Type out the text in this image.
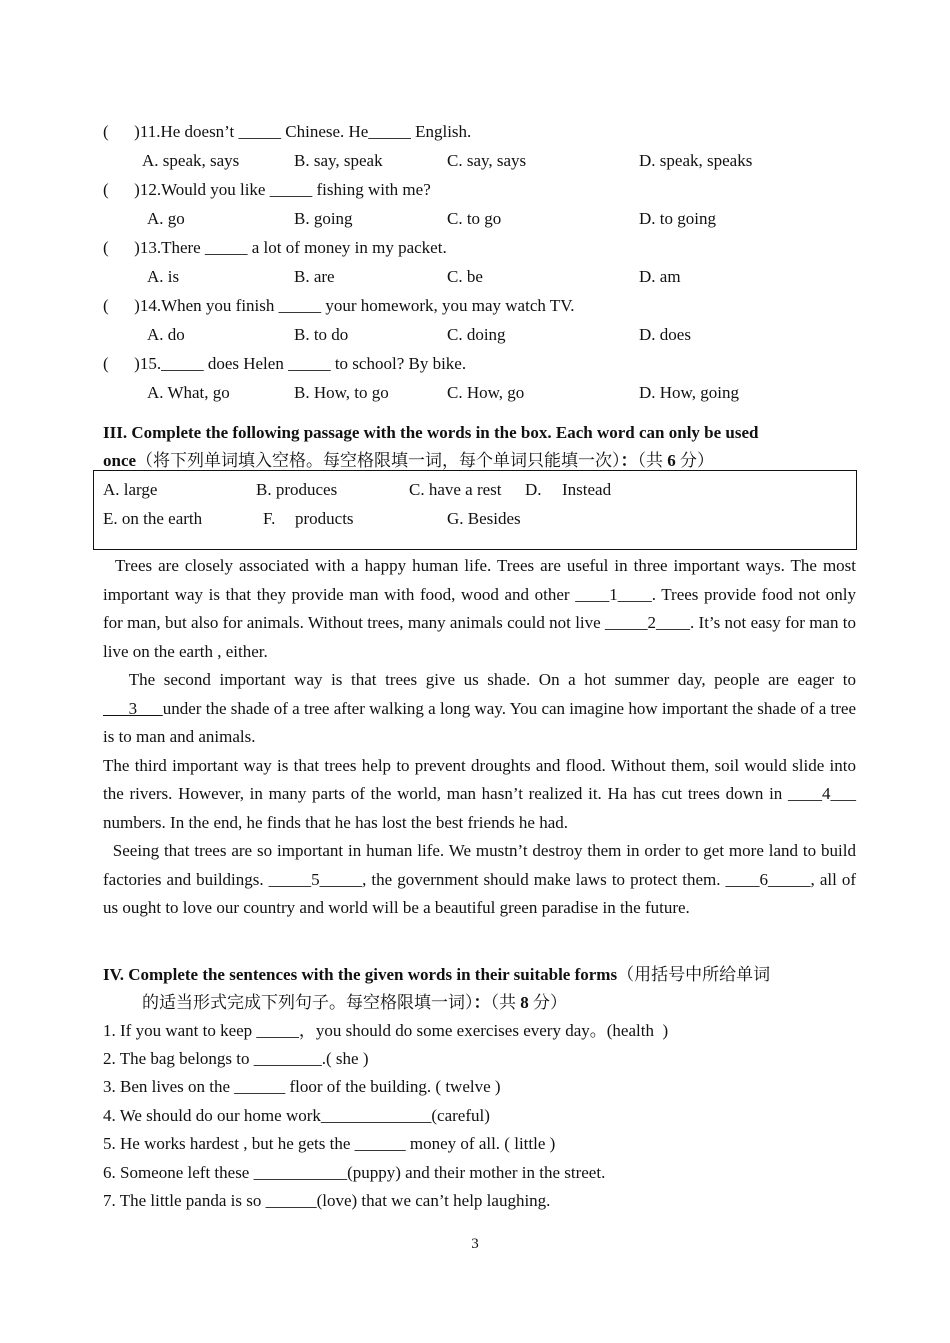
(      )11.He doesn’t _____ Chinese. He_____ English.
A. speak, says	B. say, speak	C. say, says	D. speak, speaks
(      )12.Would you like _____ fishing with me?
A. go	B. going	C. to go	D. to going
(      )13.There _____ a lot of money in my packet.
A. is	B. are	C. be	D. am
(      )14.When you finish _____ your homework, you may watch TV.
A. do	B. to do	C. doing	D. does
(      )15._____ does Helen _____ to school? By bike.
A. What, go	B. How, to go	C. How, go	D. How, going
III. Complete the following passage with the words in the box. Each word can only be used
once（将下列单词填入空格。每空格限填一词，每个单词只能填一次）：（共 6 分）
A. large	B. produces	C. have a rest D. Instead
E. on the earth	F. products	G. Besides
Trees are closely associated with a happy human life. Trees are useful in three important ways. The most important way is that they provide man with food, wood and other ____1____. Trees provide food not only for man, but also for animals. Without trees, many animals could not live _____2____. It’s not easy for man to live on the earth , either.
The second important way is that trees give us shade. On a hot summer day, people are eager to       3      under the shade of a tree after walking a long way. You can imagine how important the shade of a tree is to man and animals.
The third important way is that trees help to prevent droughts and flood. Without them, soil would slide into the rivers. However, in many parts of the world, man hasn’t realized it. Ha has cut trees down in ____4___ numbers. In the end, he finds that he has lost the best friends he had.
Seeing that trees are so important in human life. We mustn’t destroy them in order to get more land to build factories and buildings. _____5_____, the government should make laws to protect them. ____6_____, all of us ought to love our country and world will be a beautiful green paradise in the future.
IV. Complete the sentences with the given words in their suitable forms（用括号中所给单词
的适当形式完成下列句子。每空格限填一词）：（共 8 分）
1. If you want to keep _____，you should do some exercises every day。(health  )
2. The bag belongs to ________.( she )
3. Ben lives on the ______ floor of the building. ( twelve )
4. We should do our home work_____________(careful)
5. He works hardest , but he gets the ______ money of all. ( little )
6. Someone left these ___________(puppy) and their mother in the street.
7. The little panda is so ______(love) that we can’t help laughing.
3
